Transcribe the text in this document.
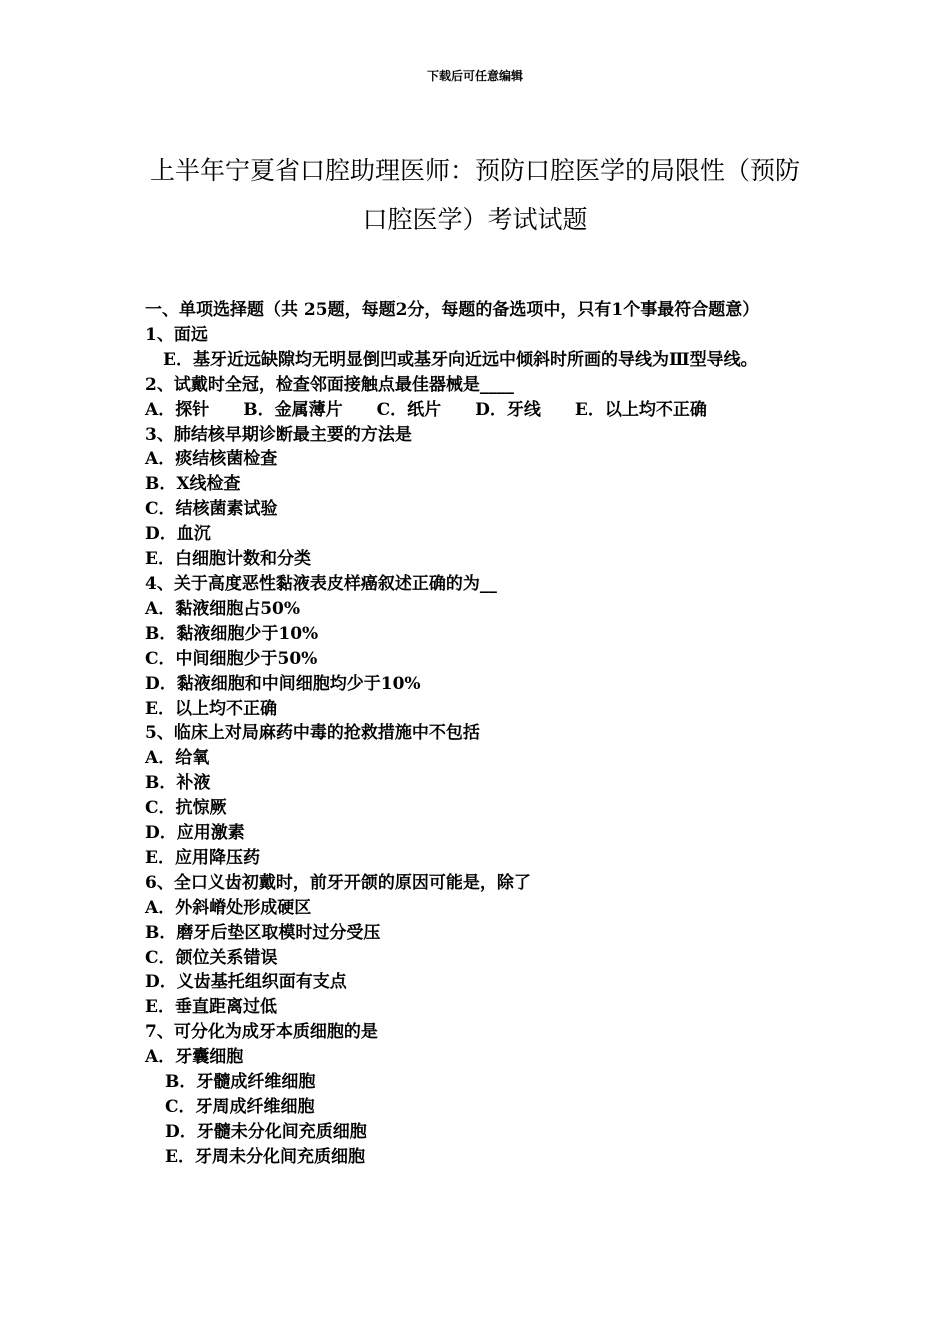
下载后可任意编辑
上半年宁夏省口腔助理医师：预防口腔医学的局限性（预防口腔医学）考试试题
一、单项选择题（共 25题，每题2分，每题的备选项中，只有1个事最符合题意）
1、面远
E．基牙近远缺隙均无明显倒凹或基牙向近远中倾斜时所画的导线为Ⅲ型导线。
2、试戴时全冠，检查邻面接触点最佳器械是____
A．探针 B．金属薄片 C．纸片 D．牙线 E．以上均不正确
3、肺结核早期诊断最主要的方法是
A．痰结核菌检查
B．X线检查
C．结核菌素试验
D．血沉
E．白细胞计数和分类
4、关于高度恶性黏液表皮样癌叙述正确的为__
A．黏液细胞占50%
B．黏液细胞少于10%
C．中间细胞少于50%
D．黏液细胞和中间细胞均少于10%
E．以上均不正确
5、临床上对局麻药中毒的抢救措施中不包括
A．给氧
B．补液
C．抗惊厥
D．应用激素
E．应用降压药
6、全口义齿初戴时，前牙开颌的原因可能是，除了
A．外斜嵴处形成硬区
B．磨牙后垫区取模时过分受压
C．颌位关系错误
D．义齿基托组织面有支点
E．垂直距离过低
7、可分化为成牙本质细胞的是
A．牙囊细胞
B．牙髓成纤维细胞
C．牙周成纤维细胞
D．牙髓未分化间充质细胞
E．牙周未分化间充质细胞
